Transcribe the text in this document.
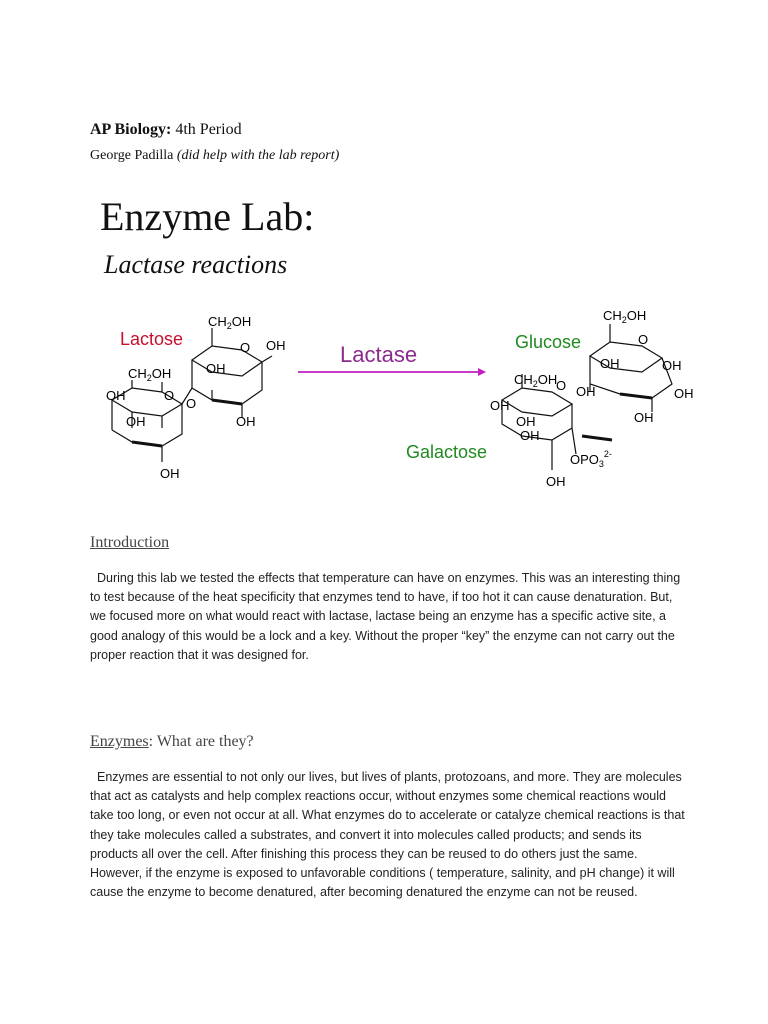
AP Biology: 4th Period
George Padilla (did help with the lab report)
Enzyme Lab:
Lactase reactions
Lactose
$CH_2OH$
$CH_2OH$
O OH
OH
OH	O
O
OH	OH
OH
Lactase	Glucose
$CH_2OH$
O
OH	OH
OH	OH
OH
$CH_2OH$
O
OH
OH
OH
$OPO_3^{2-}$
OH
Galactose
Introduction

During this lab we tested the effects that temperature can have on enzymes. This was an interesting thing to test because of the heat specificity that enzymes tend to have, if too hot it can cause denaturation. But, we focused more on what would react with lactase, lactase being an enzyme has a specific active site, a good analogy of this would be a lock and a key. Without the proper “key” the enzyme can not carry out the proper reaction that it was designed for.

Enzymes: What are they?

Enzymes are essential to not only our lives, but lives of plants, protozoans, and more. They are molecules that act as catalysts and help complex reactions occur, without enzymes some chemical reactions would take too long, or even not occur at all. What enzymes do to accelerate or catalyze chemical reactions is that they take molecules called a substrates, and convert it into molecules called products; and sends its products all over the cell. After finishing this process they can be reused to do others just the same. However, if the enzyme is exposed to unfavorable conditions ( temperature, salinity, and pH change) it will cause the enzyme to become denatured, after becoming denatured the enzyme can not be reused.
